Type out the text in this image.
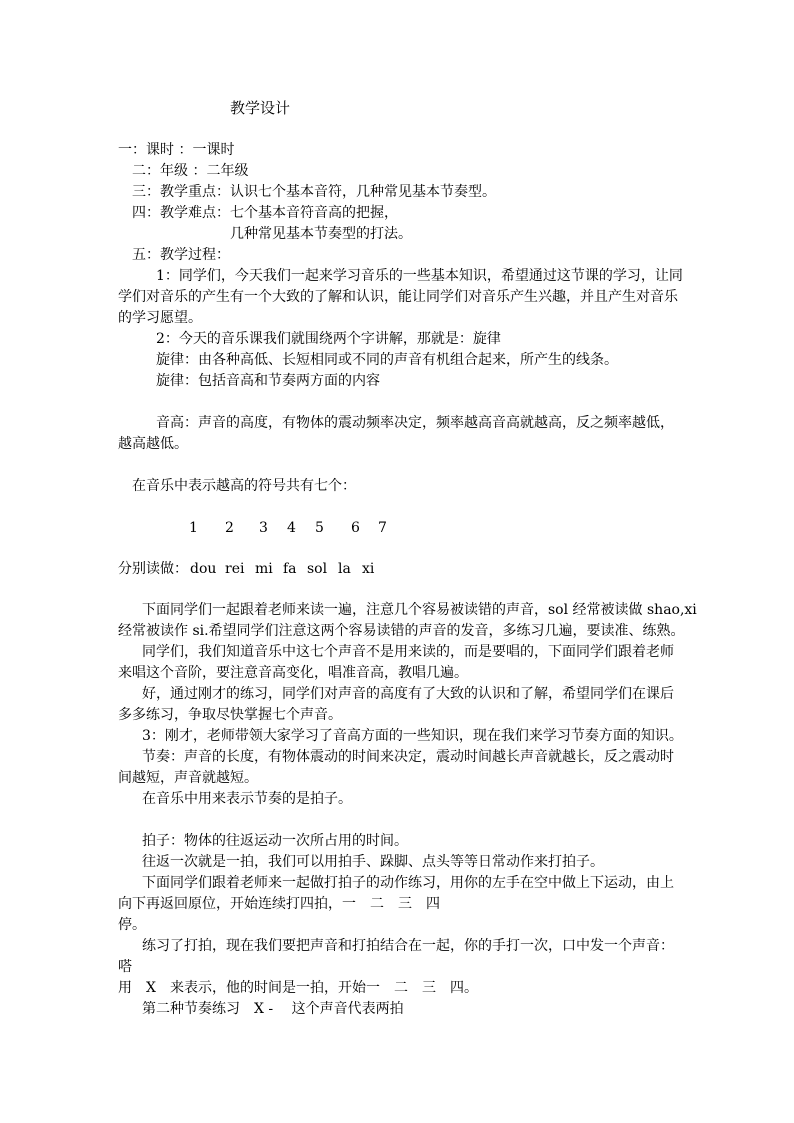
教学设计
一：课时 ：一课时
二：年级 ：二年级
三：教学重点：认识七个基本音符，几种常见基本节奏型。
四：教学难点：七个基本音符音高的把握，
几种常见基本节奏型的打法。
五：教学过程：
1：同学们，今天我们一起来学习音乐的一些基本知识，希望通过这节课的学习，让同
学们对音乐的产生有一个大致的了解和认识，能让同学们对音乐产生兴趣，并且产生对音乐
的学习愿望。
2：今天的音乐课我们就围绕两个字讲解，那就是：旋律
旋律：由各种高低、长短相同或不同的声音有机组合起来，所产生的线条。
旋律：包括音高和节奏两方面的内容
音高：声音的高度，有物体的震动频率决定，频率越高音高就越高，反之频率越低，
越高越低。
在音乐中表示越高的符号共有七个：
1 2 3 4 5 6 7
分别读做： dou rei mi fa sol la xi
下面同学们一起跟着老师来读一遍，注意几个容易被读错的声音，sol 经常被读做 shao,xi
经常被读作 si.希望同学们注意这两个容易读错的声音的发音，多练习几遍，要读准、练熟。
同学们，我们知道音乐中这七个声音不是用来读的，而是要唱的，下面同学们跟着老师
来唱这个音阶，要注意音高变化，唱准音高，教唱几遍。
好，通过刚才的练习，同学们对声音的高度有了大致的认识和了解，希望同学们在课后
多多练习，争取尽快掌握七个声音。
3：刚才，老师带领大家学习了音高方面的一些知识，现在我们来学习节奏方面的知识。
节奏：声音的长度，有物体震动的时间来决定，震动时间越长声音就越长，反之震动时
间越短，声音就越短。
在音乐中用来表示节奏的是拍子。
拍子：物体的往返运动一次所占用的时间。
往返一次就是一拍，我们可以用拍手、跺脚、点头等等日常动作来打拍子。
下面同学们跟着老师来一起做打拍子的动作练习，用你的左手在空中做上下运动，由上
向下再返回原位，开始连续打四拍，一　二　三　四
停。
练习了打拍，现在我们要把声音和打拍结合在一起，你的手打一次，口中发一个声音：
嗒
用　X　来表示，他的时间是一拍，开始一　二　三　四。
第二种节奏练习　X -　 这个声音代表两拍
